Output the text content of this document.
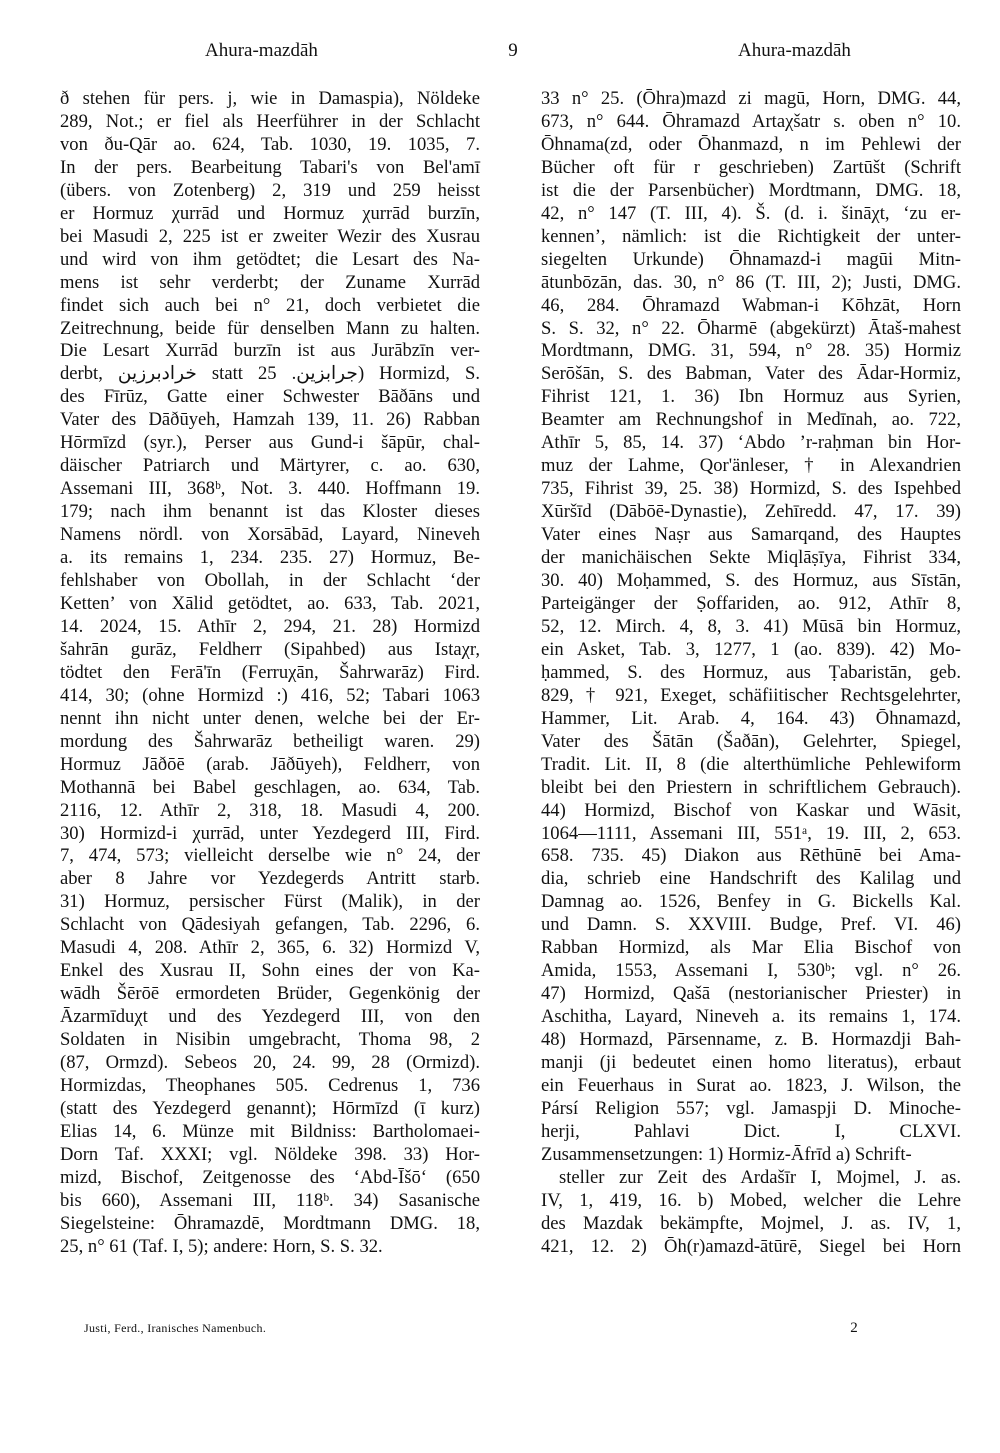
Ahura-mazdāh	9	Ahura-mazdāh

ð stehen für pers. j, wie in Damaspia), Nöldeke

289, Not.; er fiel als Heerführer in der Schlacht

von ðu-Qār ao. 624, Tab. 1030, 19. 1035, 7.

In der pers. Bearbeitung Tabari's von Bel'amī

(übers. von Zotenberg) 2, 319 und 259 heisst

er Hormuz χurrād und Hormuz χurrād burzīn,

bei Masudi 2, 225 ist er zweiter Wezir des Xusrau

und wird von ihm getödtet; die Lesart des Na-

mens ist sehr verderbt; der Zuname Xurrād

findet sich auch bei n° 21, doch verbietet die

Zeitrechnung, beide für denselben Mann zu halten.

Die Lesart Xurrād burzīn ist aus Jurābzīn ver-

derbt, خرادبرزين statt جرابزين. 25) Hormizd, S.

des Fīrūz, Gatte einer Schwester Bāðāns und

Vater des Dāðūyeh, Hamzah 139, 11. 26) Rabban

Hōrmīzd (syr.), Perser aus Gund-i šāpūr, chal-

däischer Patriarch und Märtyrer, c. ao. 630,

Assemani III, 368ᵇ, Not. 3. 440. Hoffmann 19.

179; nach ihm benannt ist das Kloster dieses

Namens nördl. von Xorsābād, Layard, Nineveh

a. its remains 1, 234. 235. 27) Hormuz, Be-

fehlshaber von Obollah, in der Schlacht ‘der

Ketten’ von Xālid getödtet, ao. 633, Tab. 2021,

14. 2024, 15. Athīr 2, 294, 21. 28) Hormizd

šahrān gurāz, Feldherr (Sipahbed) aus Istaχr,

tödtet den Ferā'īn (Ferruχān, Šahrwarāz) Fird.

414, 30; (ohne Hormizd :) 416, 52; Tabari 1063

nennt ihn nicht unter denen, welche bei der Er-

mordung des Šahrwarāz betheiligt waren. 29)

Hormuz Jāðōē (arab. Jāðūyeh), Feldherr, von

Mothannā bei Babel geschlagen, ao. 634, Tab.

2116, 12. Athīr 2, 318, 18. Masudi 4, 200.

30) Hormizd-i χurrād, unter Yezdegerd III, Fird.

7, 474, 573; vielleicht derselbe wie n° 24, der

aber 8 Jahre vor Yezdegerds Antritt starb.

31) Hormuz, persischer Fürst (Malik), in der

Schlacht von Qādesiyah gefangen, Tab. 2296, 6.

Masudi 4, 208. Athīr 2, 365, 6. 32) Hormizd V,

Enkel des Xusrau II, Sohn eines der von Ka-

wādh Šērōē ermordeten Brüder, Gegenkönig der

Āzarmīduχt und des Yezdegerd III, von den

Soldaten in Nisibin umgebracht, Thoma 98, 2

(87, Ormzd). Sebeos 20, 24. 99, 28 (Ormizd).

Hormizdas, Theophanes 505. Cedrenus 1, 736

(statt des Yezdegerd genannt); Hōrmīzd (ī kurz)

Elias 14, 6. Münze mit Bildniss: Bartholomaei-

Dorn Taf. XXXI; vgl. Nöldeke 398. 33) Hor-

mizd, Bischof, Zeitgenosse des ‘Abd-Īšō‘ (650

bis 660), Assemani III, 118ᵇ. 34) Sasanische

Siegelsteine: Ōhramazdē, Mordtmann DMG. 18,

25, n° 61 (Taf. I, 5); andere: Horn, S. S. 32.

33 n° 25. (Ōhra)mazd zi magū, Horn, DMG. 44,

673, n° 644. Ōhramazd Artaχšatr s. oben n° 10.

Ōhnama(zd, oder Ōhanmazd, n im Pehlewi der

Bücher oft für r geschrieben) Zartūšt (Schrift

ist die der Parsenbücher) Mordtmann, DMG. 18,

42, n° 147 (T. III, 4). Š. (d. i. šināχt, ‘zu er-

kennen’, nämlich: ist die Richtigkeit der unter-

siegelten Urkunde) Ōhnamazd-i magūi Mitn-

ātunbōzān, das. 30, n° 86 (T. III, 2); Justi, DMG.

46, 284. Ōhramazd Wabman-i Kōhzāt, Horn

S. S. 32, n° 22. Ōharmē (abgekürzt) Ātaš-mahest

Mordtmann, DMG. 31, 594, n° 28. 35) Hormiz

Serōšān, S. des Babman, Vater des Ādar-Hormiz,

Fihrist 121, 1. 36) Ibn Hormuz aus Syrien,

Beamter am Rechnungshof in Medīnah, ao. 722,

Athīr 5, 85, 14. 37) ‘Abdo ’r-raḥman bin Hor-

muz der Lahme, Qor'änleser, † in Alexandrien

735, Fihrist 39, 25. 38) Hormizd, S. des Ispehbed

Xūršīd (Dābōē-Dynastie), Zehīredd. 47, 17. 39)

Vater eines Naṣr aus Samarqand, des Hauptes

der manichäischen Sekte Miqlāṣīya, Fihrist 334,

30. 40) Moḥammed, S. des Hormuz, aus Sīstān,

Parteigänger der Ṣoffariden, ao. 912, Athīr 8,

52, 12. Mirch. 4, 8, 3. 41) Mūsā bin Hormuz,

ein Asket, Tab. 3, 1277, 1 (ao. 839). 42) Mo-

ḥammed, S. des Hormuz, aus Ṭabaristān, geb.

829, † 921, Exeget, schäfiitischer Rechtsgelehrter,

Hammer, Lit. Arab. 4, 164. 43) Ōhnamazd,

Vater des Šātān (Šaðān), Gelehrter, Spiegel,

Tradit. Lit. II, 8 (die alterthümliche Pehlewiform

bleibt bei den Priestern in schriftlichem Gebrauch).

44) Hormizd, Bischof von Kaskar und Wāsit,

1064—1111, Assemani III, 551ᵃ, 19. III, 2, 653.

658. 735. 45) Diakon aus Rēthūnē bei Ama-

dia, schrieb eine Handschrift des Kalilag und

Damnag ao. 1526, Benfey in G. Bickells Kal.

und Damn. S. XXVIII. Budge, Pref. VI. 46)

Rabban Hormizd, als Mar Elia Bischof von

Amida, 1553, Assemani I, 530ᵇ; vgl. n° 26.

47) Hormizd, Qašā (nestorianischer Priester) in

Aschitha, Layard, Nineveh a. its remains 1, 174.

48) Hormazd, Pārsenname, z. B. Hormazdji Bah-

manji (ji bedeutet einen homo literatus), erbaut

ein Feuerhaus in Surat ao. 1823, J. Wilson, the

Pársí Religion 557; vgl. Jamaspji D. Minoche-

herji, Pahlavi Dict. I, CLXVI.

Zusammensetzungen: 1) Hormiz-Āfrīd a) Schrift-

steller zur Zeit des Ardašīr I, Mojmel, J. as.

IV, 1, 419, 16. b) Mobed, welcher die Lehre

des Mazdak bekämpfte, Mojmel, J. as. IV, 1,

421, 12. 2) Ōh(r)amazd-ātūrē, Siegel bei Horn

Justi, Ferd., Iranisches Namenbuch.	2
